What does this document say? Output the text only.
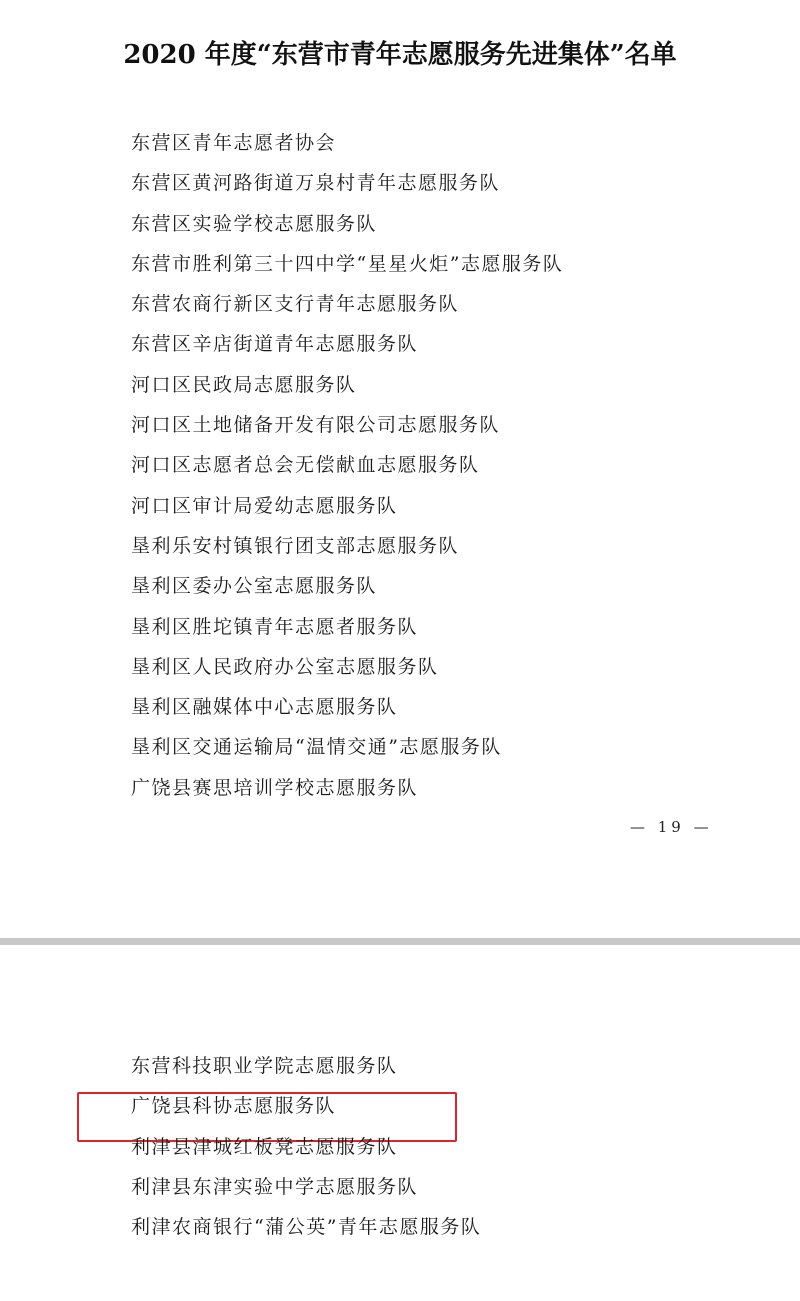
2020 年度“东营市青年志愿服务先进集体”名单
东营区青年志愿者协会
东营区黄河路街道万泉村青年志愿服务队
东营区实验学校志愿服务队
东营市胜利第三十四中学“星星火炬”志愿服务队
东营农商行新区支行青年志愿服务队
东营区辛店街道青年志愿服务队
河口区民政局志愿服务队
河口区土地储备开发有限公司志愿服务队
河口区志愿者总会无偿献血志愿服务队
河口区审计局爱幼志愿服务队
垦利乐安村镇银行团支部志愿服务队
垦利区委办公室志愿服务队
垦利区胜坨镇青年志愿者服务队
垦利区人民政府办公室志愿服务队
垦利区融媒体中心志愿服务队
垦利区交通运输局“温情交通”志愿服务队
广饶县赛思培训学校志愿服务队
— 19 —
东营科技职业学院志愿服务队
广饶县科协志愿服务队
利津县津城红板凳志愿服务队
利津县东津实验中学志愿服务队
利津农商银行“蒲公英”青年志愿服务队
